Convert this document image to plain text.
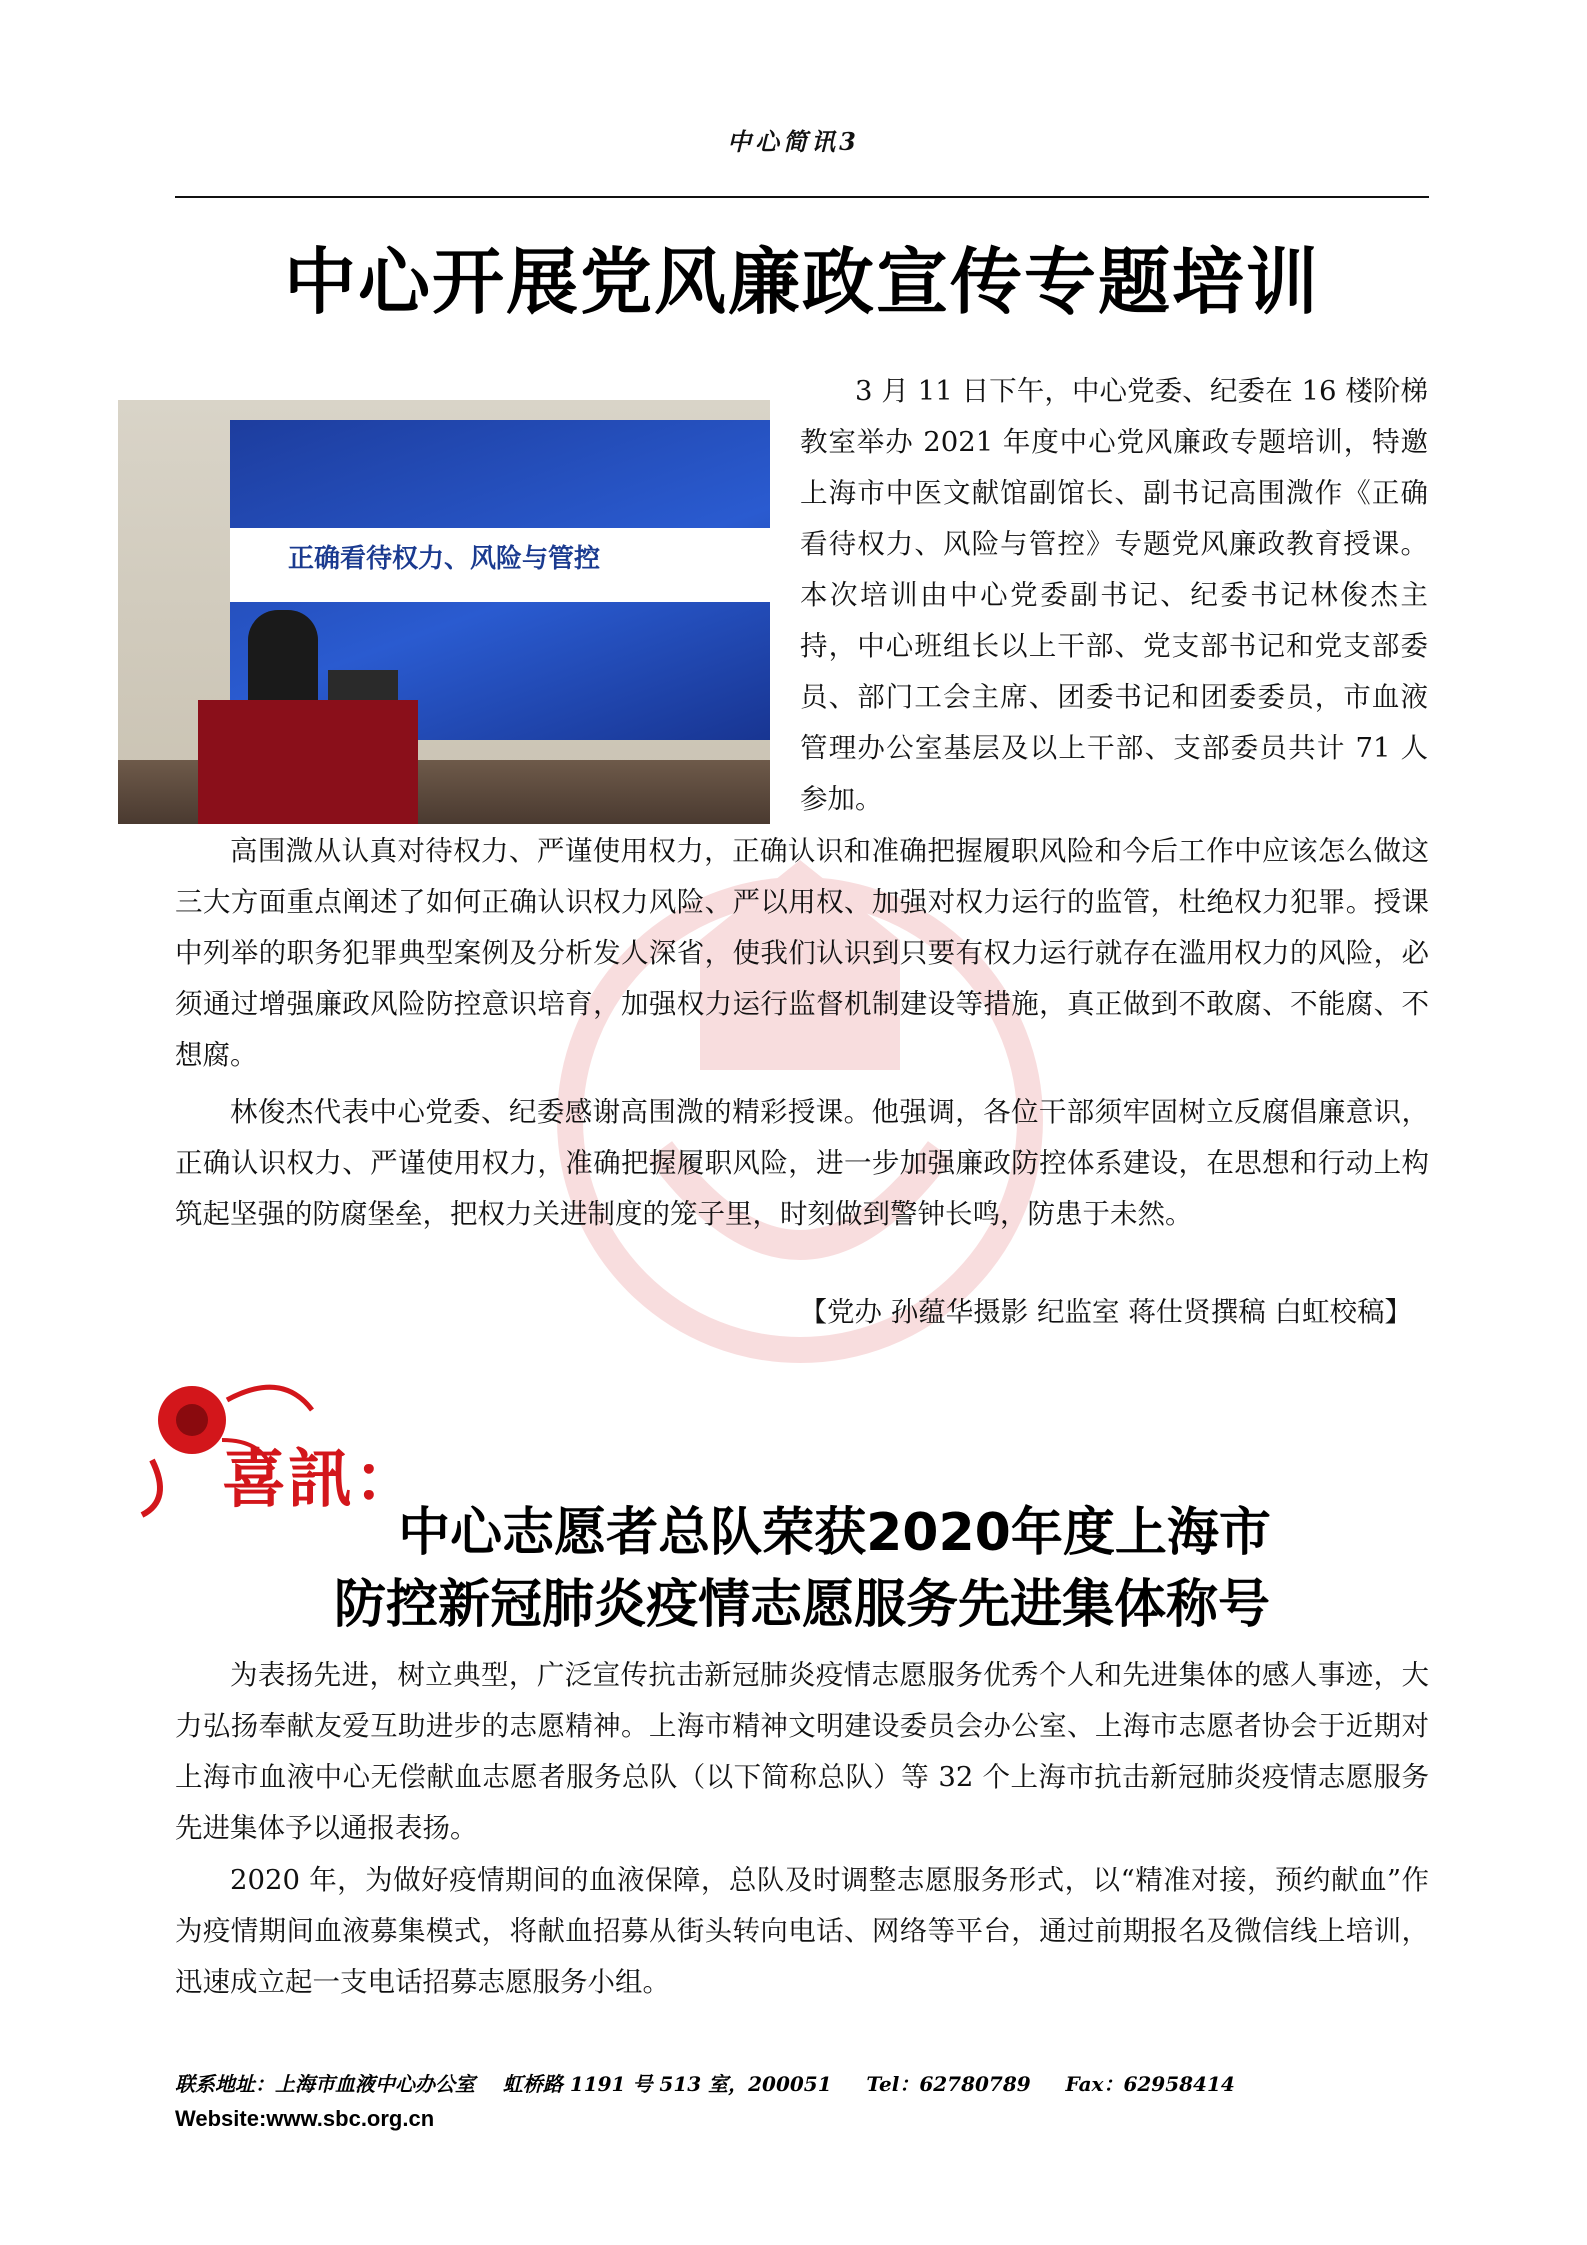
中心简讯3
中心开展党风廉政宣传专题培训
正确看待权力、风险与管控

3 月 11 日下午，中心党委、纪委在 16 楼阶梯教室举办 2021 年度中心党风廉政专题培训，特邀上海市中医文献馆副馆长、副书记高围溦作《正确看待权力、风险与管控》专题党风廉政教育授课。本次培训由中心党委副书记、纪委书记林俊杰主持，中心班组长以上干部、党支部书记和党支部委员、部门工会主席、团委书记和团委委员，市血液管理办公室基层及以上干部、支部委员共计 71 人参加。

高围溦从认真对待权力、严谨使用权力，正确认识和准确把握履职风险和今后工作中应该怎么做这三大方面重点阐述了如何正确认识权力风险、严以用权、加强对权力运行的监管，杜绝权力犯罪。授课中列举的职务犯罪典型案例及分析发人深省，使我们认识到只要有权力运行就存在滥用权力的风险，必须通过增强廉政风险防控意识培育，加强权力运行监督机制建设等措施，真正做到不敢腐、不能腐、不想腐。

林俊杰代表中心党委、纪委感谢高围溦的精彩授课。他强调，各位干部须牢固树立反腐倡廉意识，正确认识权力、严谨使用权力，准确把握履职风险，进一步加强廉政防控体系建设，在思想和行动上构筑起坚强的防腐堡垒，把权力关进制度的笼子里，时刻做到警钟长鸣，防患于未然。

【党办 孙蕴华摄影 纪监室 蒋仕贤撰稿 白虹校稿】
喜訊：
中心志愿者总队荣获2020年度上海市
防控新冠肺炎疫情志愿服务先进集体称号

为表扬先进，树立典型，广泛宣传抗击新冠肺炎疫情志愿服务优秀个人和先进集体的感人事迹，大力弘扬奉献友爱互助进步的志愿精神。上海市精神文明建设委员会办公室、上海市志愿者协会于近期对上海市血液中心无偿献血志愿者服务总队（以下简称总队）等 32 个上海市抗击新冠肺炎疫情志愿服务先进集体予以通报表扬。

2020 年，为做好疫情期间的血液保障，总队及时调整志愿服务形式，以“精准对接，预约献血”作为疫情期间血液募集模式，将献血招募从街头转向电话、网络等平台，通过前期报名及微信线上培训，迅速成立起一支电话招募志愿服务小组。

联系地址：上海市血液中心办公室    虹桥路 1191 号 513 室，200051     Tel：62780789     Fax：62958414
Website:www.sbc.org.cn
